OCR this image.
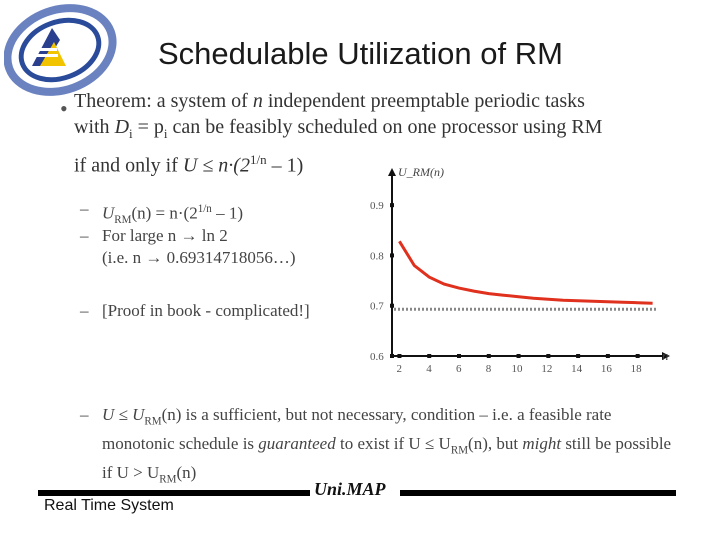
Schedulable Utilization of RM
• Theorem: a system of n independent preemptable periodic tasks
with $D_i = p_i$ can be feasibly scheduled on one processor using RM
if and only if $U \le n\cdot(2^{1/n} - 1)$
– $U_{RM}(n) = n\cdot(2^{1/n} - 1)$
– For large n → ln 2
(i.e. n → 0.69314718056…)
– [Proof in book - complicated!]
0.6
0.7
0.8
0.9
2 4 6 8 10 12 14 16 18
U_RM(n)
n
– $U \le U_{RM}(n)$ is a sufficient, but not necessary, condition – i.e. a feasible rate monotonic schedule is guaranteed to exist if $U \le U_{RM}(n)$, but might still be possible if $U > U_{RM}(n)$
Uni.MAP
Real Time System
